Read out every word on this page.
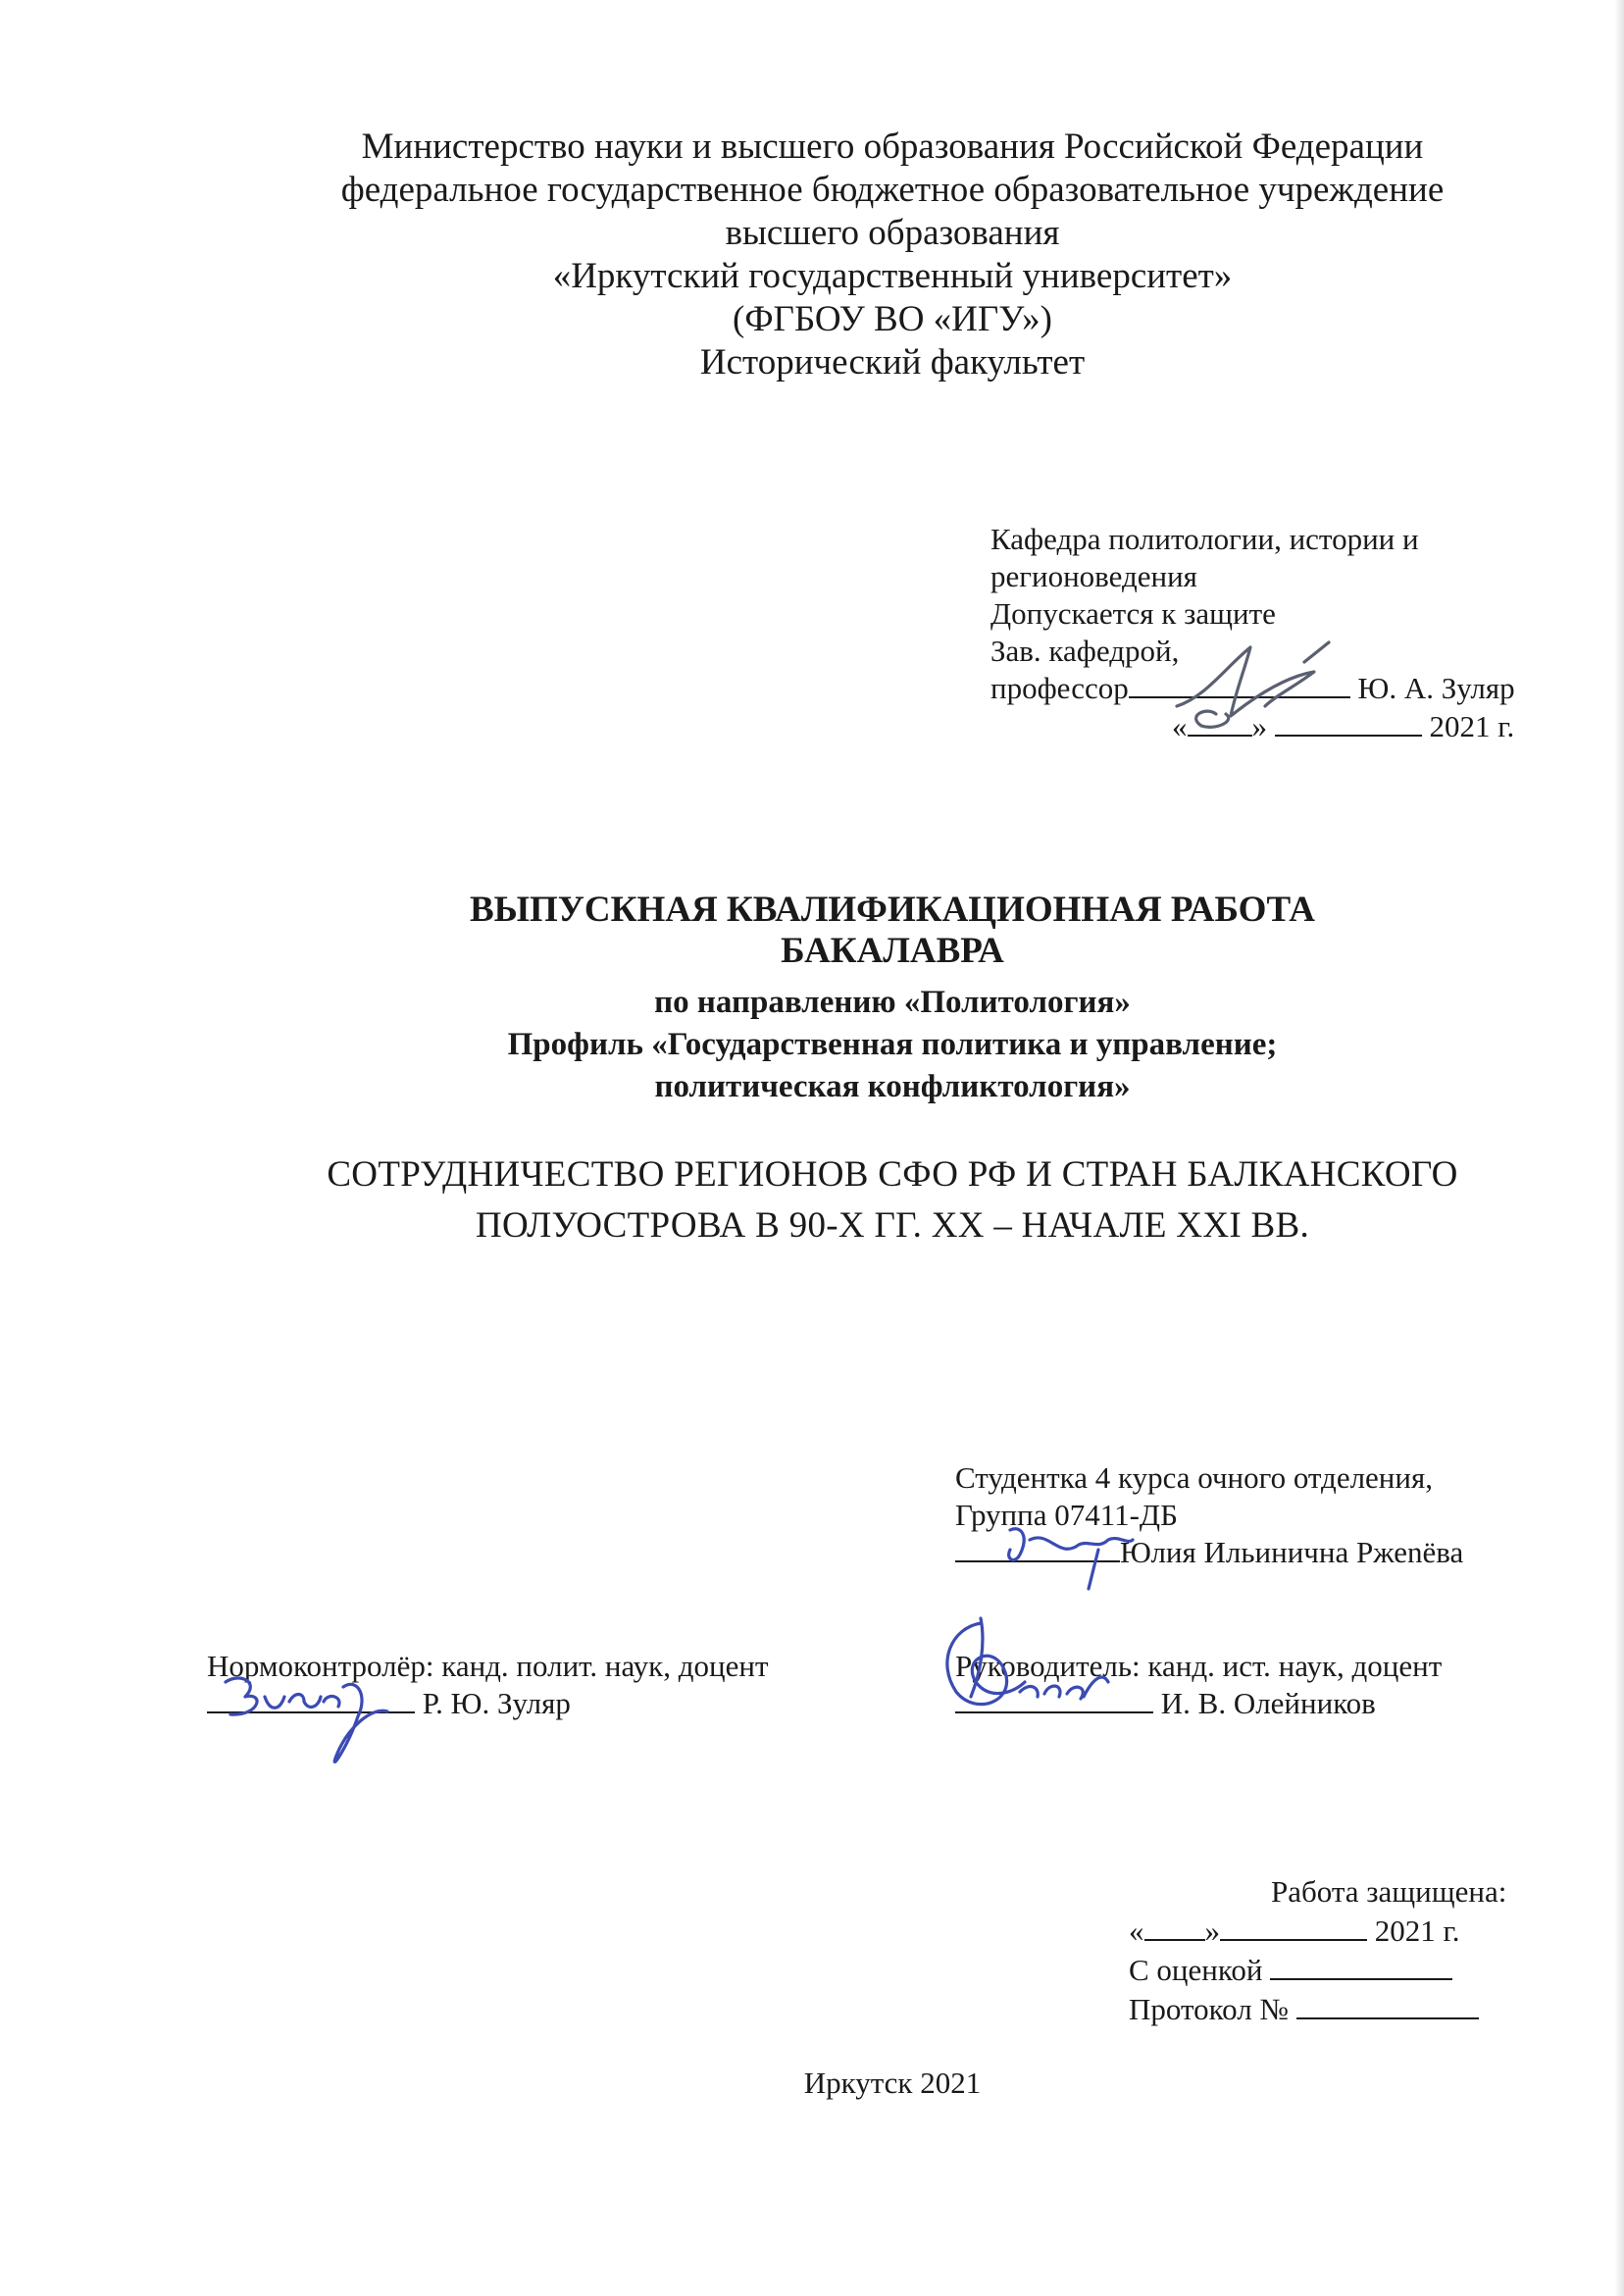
Министерство науки и высшего образования Российской Федерации
федеральное государственное бюджетное образовательное учреждение
высшего образования
«Иркутский государственный университет»
(ФГБОУ ВО «ИГУ»)
Исторический факультет
Кафедра политологии, истории и
регионоведения
Допускается к защите
Зав. кафедрой,
профессор	Ю. А. Зуляр
« »	2021 г.
ВЫПУСКНАЯ КВАЛИФИКАЦИОННАЯ РАБОТА
БАКАЛАВРА
по направлению «Политология»
Профиль «Государственная политика и управление;
политическая конфликтология»
СОТРУДНИЧЕСТВО РЕГИОНОВ СФО РФ И СТРАН БАЛКАНСКОГО
ПОЛУОСТРОВА В 90-Х ГГ. XX – НАЧАЛЕ XXI ВВ.
Студентка 4 курса очного отделения,
Группа 07411-ДБ
Юлия Ильинична Ржеnёва
Нормоконтролёр: канд. полит. наук, доцент
Р. Ю. Зуляр
Руководитель: канд. ист. наук, доцент
И. В. Олейников
Работа защищена:
« »	2021 г.
С оценкой
Протокол №
Иркутск 2021
